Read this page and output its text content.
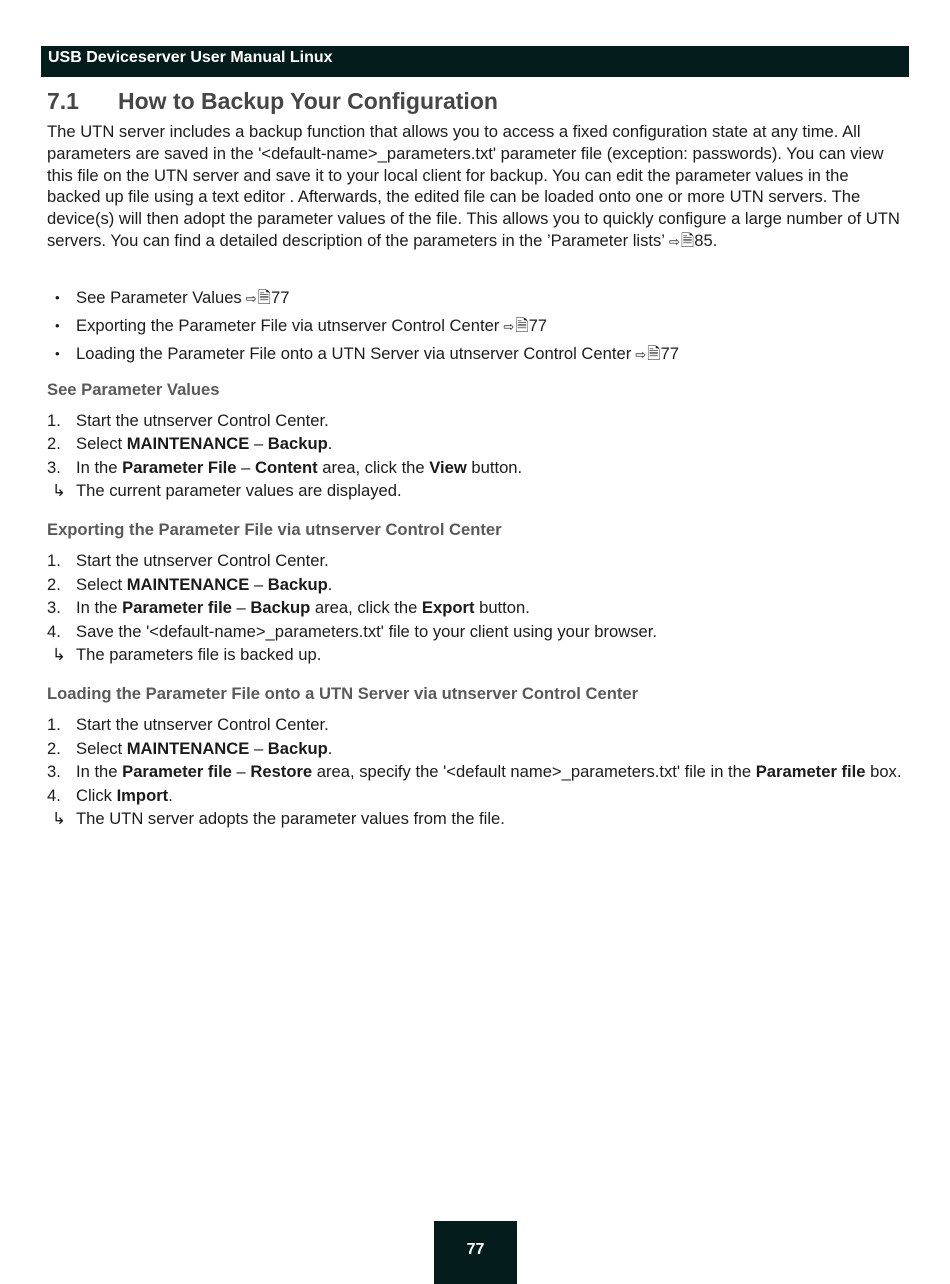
USB Deviceserver User Manual Linux
7.1	How to Backup Your Configuration

The UTN server includes a backup function that allows you to access a fixed configuration state at any time. All parameters are saved in the '<default-name>_parameters.txt' parameter file (exception: passwords). You can view this file on the UTN server and save it to your local client for backup. You can edit the parameter values in the backed up file using a text editor . Afterwards, the edited file can be loaded onto one or more UTN servers. The device(s) will then adopt the parameter values of the file. This allows you to quickly configure a large number of UTN servers. You can find a detailed description of the parameters in the ’Parameter lists’ ⇨🗎85.

• See Parameter Values ⇨🗎77
• Exporting the Parameter File via utnserver Control Center ⇨🗎77
• Loading the Parameter File onto a UTN Server via utnserver Control Center ⇨🗎77
See Parameter Values
1. Start the utnserver Control Center.
2. Select MAINTENANCE – Backup.
3. In the Parameter File – Content area, click the View button.
↳ The current parameter values are displayed.
Exporting the Parameter File via utnserver Control Center
1. Start the utnserver Control Center.
2. Select MAINTENANCE – Backup.
3. In the Parameter file – Backup area, click the Export button.
4. Save the '<default-name>_parameters.txt' file to your client using your browser.
↳ The parameters file is backed up.
Loading the Parameter File onto a UTN Server via utnserver Control Center
1. Start the utnserver Control Center.
2. Select MAINTENANCE – Backup.
3. In the Parameter file – Restore area, specify the '<default name>_parameters.txt' file in the Parameter file box.
4. Click Import.
↳ The UTN server adopts the parameter values from the file.
77
